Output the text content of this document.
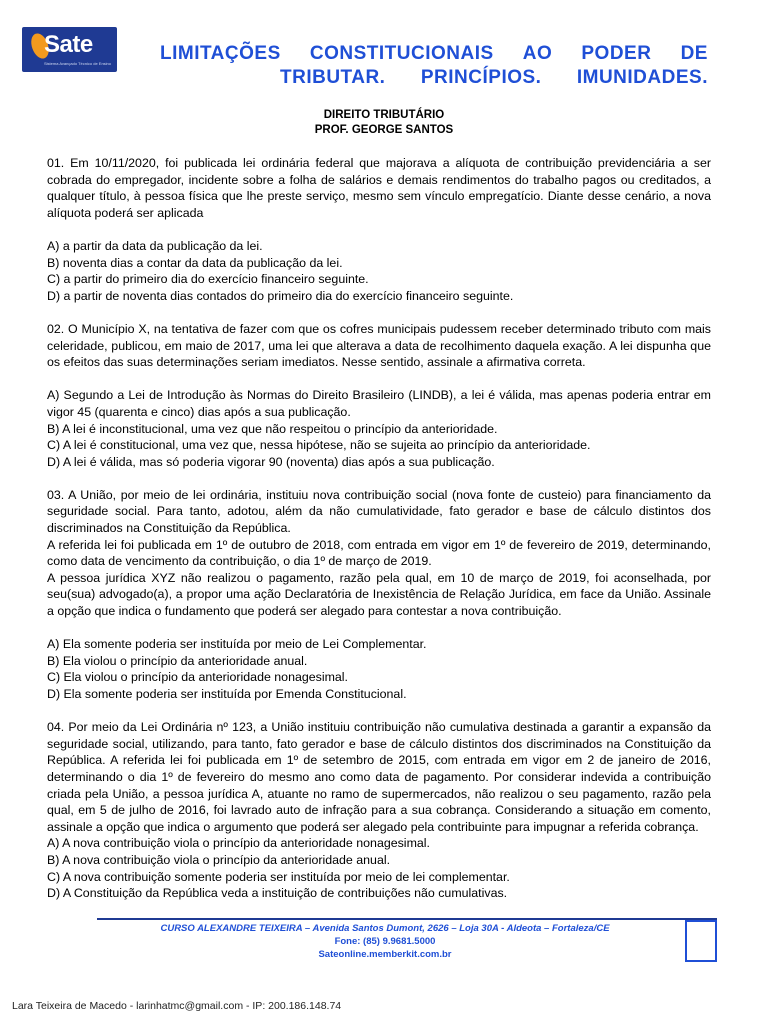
Sate
Sistema Avançado Técnico de Ensino	LIMITAÇÕES CONSTITUCIONAIS AO PODER DE
TRIBUTAR. PRINCÍPIOS. IMUNIDADES.
DIREITO TRIBUTÁRIO
PROF. GEORGE SANTOS

01. Em 10/11/2020, foi publicada lei ordinária federal que majorava a alíquota de contribuição previdenciária a ser cobrada do empregador, incidente sobre a folha de salários e demais rendimentos do trabalho pagos ou creditados, a qualquer título, à pessoa física que lhe preste serviço, mesmo sem vínculo empregatício. Diante desse cenário, a nova alíquota poderá ser aplicada

A) a partir da data da publicação da lei.

B) noventa dias a contar da data da publicação da lei.

C) a partir do primeiro dia do exercício financeiro seguinte.

D) a partir de noventa dias contados do primeiro dia do exercício financeiro seguinte.

02. O Município X, na tentativa de fazer com que os cofres municipais pudessem receber determinado tributo com mais celeridade, publicou, em maio de 2017, uma lei que alterava a data de recolhimento daquela exação. A lei dispunha que os efeitos das suas determinações seriam imediatos. Nesse sentido, assinale a afirmativa correta.

A) Segundo a Lei de Introdução às Normas do Direito Brasileiro (LINDB), a lei é válida, mas apenas poderia entrar em vigor 45 (quarenta e cinco) dias após a sua publicação.

B) A lei é inconstitucional, uma vez que não respeitou o princípio da anterioridade.

C) A lei é constitucional, uma vez que, nessa hipótese, não se sujeita ao princípio da anterioridade.

D) A lei é válida, mas só poderia vigorar 90 (noventa) dias após a sua publicação.

03. A União, por meio de lei ordinária, instituiu nova contribuição social (nova fonte de custeio) para financiamento da seguridade social. Para tanto, adotou, além da não cumulatividade, fato gerador e base de cálculo distintos dos discriminados na Constituição da República.

A referida lei foi publicada em 1º de outubro de 2018, com entrada em vigor em 1º de fevereiro de 2019, determinando, como data de vencimento da contribuição, o dia 1º de março de 2019.

A pessoa jurídica XYZ não realizou o pagamento, razão pela qual, em 10 de março de 2019, foi aconselhada, por seu(sua) advogado(a), a propor uma ação Declaratória de Inexistência de Relação Jurídica, em face da União. Assinale a opção que indica o fundamento que poderá ser alegado para contestar a nova contribuição.

A) Ela somente poderia ser instituída por meio de Lei Complementar.

B) Ela violou o princípio da anterioridade anual.

C) Ela violou o princípio da anterioridade nonagesimal.

D) Ela somente poderia ser instituída por Emenda Constitucional.

04. Por meio da Lei Ordinária nº 123, a União instituiu contribuição não cumulativa destinada a garantir a expansão da seguridade social, utilizando, para tanto, fato gerador e base de cálculo distintos dos discriminados na Constituição da República. A referida lei foi publicada em 1º de setembro de 2015, com entrada em vigor em 2 de janeiro de 2016, determinando o dia 1º de fevereiro do mesmo ano como data de pagamento. Por considerar indevida a contribuição criada pela União, a pessoa jurídica A, atuante no ramo de supermercados, não realizou o seu pagamento, razão pela qual, em 5 de julho de 2016, foi lavrado auto de infração para a sua cobrança. Considerando a situação em comento, assinale a opção que indica o argumento que poderá ser alegado pela contribuinte para impugnar a referida cobrança.

A) A nova contribuição viola o princípio da anterioridade nonagesimal.

B) A nova contribuição viola o princípio da anterioridade anual.

C) A nova contribuição somente poderia ser instituída por meio de lei complementar.

D) A Constituição da República veda a instituição de contribuições não cumulativas.

CURSO ALEXANDRE TEIXEIRA – Avenida Santos Dumont, 2626 – Loja 30A - Aldeota – Fortaleza/CE
Fone: (85) 9.9681.5000
Sateonline.memberkit.com.br
Lara Teixeira de Macedo - larinhatmc@gmail.com - IP: 200.186.148.74
